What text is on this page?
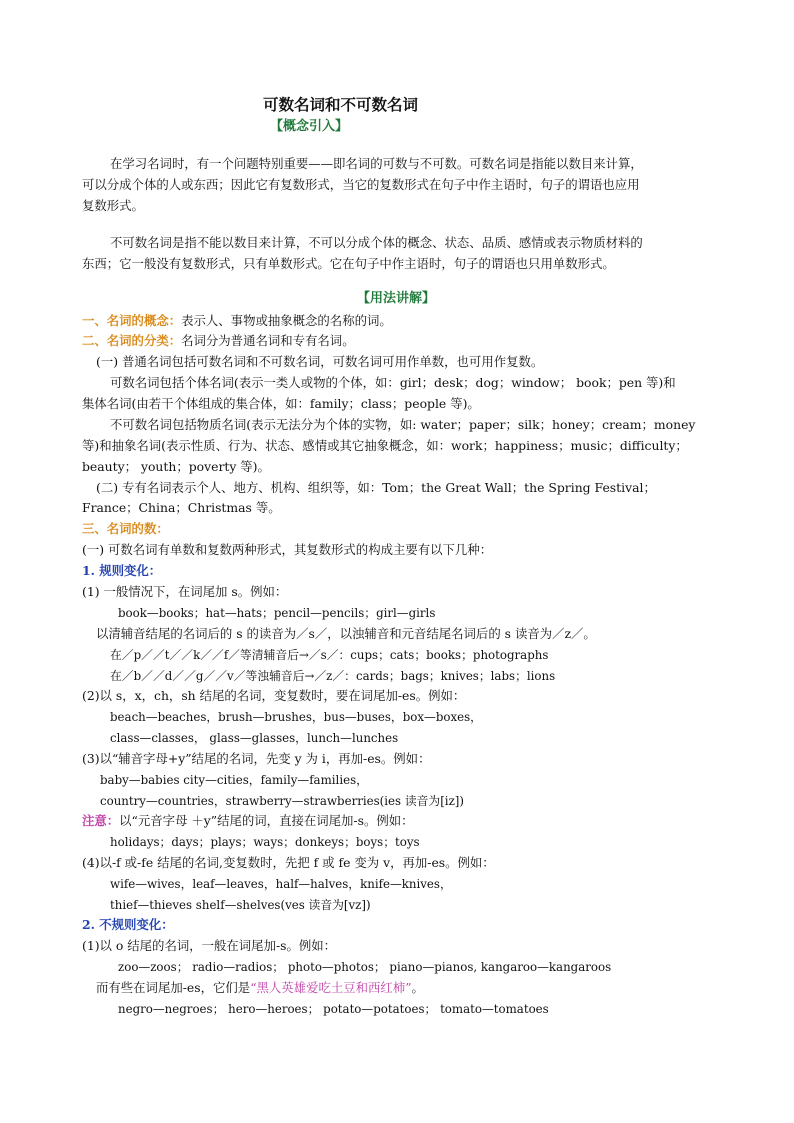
可数名词和不可数名词
【概念引入】
在学习名词时，有一个问题特别重要——即名词的可数与不可数。可数名词是指能以数目来计算，
可以分成个体的人或东西；因此它有复数形式，当它的复数形式在句子中作主语时，句子的谓语也应用
复数形式。
不可数名词是指不能以数目来计算，不可以分成个体的概念、状态、品质、感情或表示物质材料的
东西；它一般没有复数形式，只有单数形式。它在句子中作主语时，句子的谓语也只用单数形式。
【用法讲解】
一、名词的概念：表示人、事物或抽象概念的名称的词。
二、名词的分类：名词分为普通名词和专有名词。
(一) 普通名词包括可数名词和不可数名词，可数名词可用作单数，也可用作复数。
可数名词包括个体名词(表示一类人或物的个体，如：girl；desk；dog；window； book；pen 等)和
集体名词(由若干个体组成的集合体，如：family；class；people 等)。
不可数名词包括物质名词(表示无法分为个体的实物，如: water；paper；silk；honey；cream；money
等)和抽象名词(表示性质、行为、状态、感情或其它抽象概念，如：work；happiness；music；difficulty；
beauty； youth；poverty 等)。
(二) 专有名词表示个人、地方、机构、组织等，如：Tom；the Great Wall；the Spring Festival；
France；China；Christmas 等。
三、名词的数：
(一) 可数名词有单数和复数两种形式，其复数形式的构成主要有以下几种：
1. 规则变化：
(1) 一般情况下，在词尾加 s。例如：
book—books；hat—hats；pencil—pencils；girl—girls
以清辅音结尾的名词后的 s 的读音为／s／，以浊辅音和元音结尾名词后的 s 读音为／z／。
在／p／／t／／k／／f／等清辅音后→／s／：cups；cats；books；photographs
在／b／／d／／g／／v／等浊辅音后→／z／：cards；bags；knives；labs；lions
(2)以 s，x，ch，sh 结尾的名词，变复数时，要在词尾加-es。例如：
beach—beaches，brush—brushes，bus—buses，box—boxes，
class—classes， glass—glasses，lunch—lunches
(3)以“辅音字母+y”结尾的名词，先变 y 为 i，再加-es。例如：
baby—babies city—cities，family—families，
country—countries，strawberry—strawberries(ies 读音为[iz])
注意：以“元音字母 ＋y”结尾的词，直接在词尾加-s。例如：
holidays；days；plays；ways；donkeys；boys；toys
(4)以-f 或-fe 结尾的名词,变复数时，先把 f 或 fe 变为 v，再加-es。例如：
wife—wives，leaf—leaves，half—halves，knife—knives，
thief—thieves shelf—shelves(ves 读音为[vz])
2. 不规则变化：
(1)以 o 结尾的名词，一般在词尾加-s。例如：
zoo—zoos； radio—radios； photo—photos； piano—pianos, kangaroo—kangaroos
而有些在词尾加-es，它们是“黑人英雄爱吃土豆和西红柿”。
negro—negroes； hero—heroes； potato—potatoes； tomato—tomatoes
